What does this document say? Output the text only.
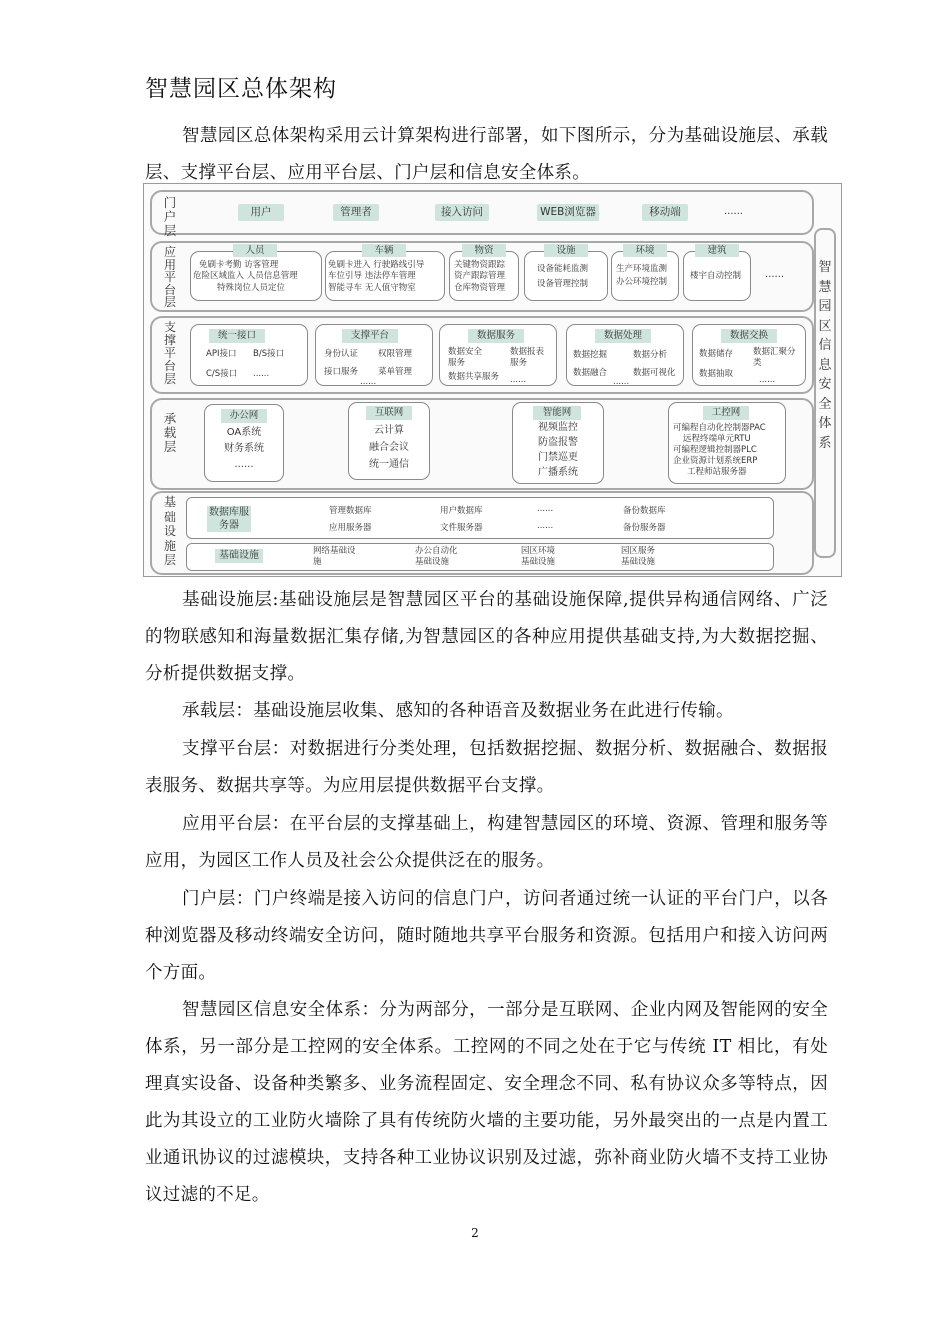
智慧园区总体架构

智慧园区总体架构采用云计算架构进行部署，如下图所示，分为基础设施层、承载层、支撑平台层、应用平台层、门户层和信息安全体系。

门户层
用户	管理者	接入访问	WEB浏览器	移动端	......
应用平台层
人员
免刷卡考勤 访客管理
危险区域监入 人员信息管理
特殊岗位人员定位
车辆
免刷卡进入 行驶路线引导
车位引导 违法停车管理
智能寻车 无人值守物室
物资
关键物资跟踪
资产跟踪管理
仓库物资管理
设施
设备能耗监测
设备管理控制
环境
生产环境监测
办公环境控制
建筑
楼宇自动控制 ......
支撑平台层
统一接口
API接口 B/S接口
C/S接口 ......
支撑平台
身份认证 权限管理
接口服务 菜单管理
......
数据服务
数据安全服务
数据报表服务
数据共享服务 ......
数据处理
数据挖掘	数据分析
数据融合	数据可视化
......
数据交换
数据储存 数据汇聚分类
数据抽取
......
承载层
办公网
OA系统
财务系统
......
互联网
云计算
融合会议
统一通信
智能网
视频监控
防盗报警
门禁巡更
广播系统
工控网
可编程自动化控制器PAC
远程终端单元RTU
可编程逻辑控制器PLC
企业资源计划系统ERP
工程师站服务器
基础设施层
数据库服务器
管理数据库	用户数据库	......	备份数据库
应用服务器	文件服务器	......	备份服务器
基础设施	网络基础设施
办公自动化基础设施
园区环境基础设施
园区服务基础设施
智慧园区信息安全体系

基础设施层:基础设施层是智慧园区平台的基础设施保障,提供异构通信网络、广泛的物联感知和海量数据汇集存储,为智慧园区的各种应用提供基础支持,为大数据挖掘、分析提供数据支撑。

承载层：基础设施层收集、感知的各种语音及数据业务在此进行传输。

支撑平台层：对数据进行分类处理，包括数据挖掘、数据分析、数据融合、数据报表服务、数据共享等。为应用层提供数据平台支撑。

应用平台层：在平台层的支撑基础上，构建智慧园区的环境、资源、管理和服务等应用，为园区工作人员及社会公众提供泛在的服务。

门户层：门户终端是接入访问的信息门户，访问者通过统一认证的平台门户，以各种浏览器及移动终端安全访问，随时随地共享平台服务和资源。包括用户和接入访问两个方面。

智慧园区信息安全体系：分为两部分，一部分是互联网、企业内网及智能网的安全体系，另一部分是工控网的安全体系。工控网的不同之处在于它与传统 IT 相比，有处理真实设备、设备种类繁多、业务流程固定、安全理念不同、私有协议众多等特点，因此为其设立的工业防火墙除了具有传统防火墙的主要功能，另外最突出的一点是内置工业通讯协议的过滤模块，支持各种工业协议识别及过滤，弥补商业防火墙不支持工业协议过滤的不足。

2
